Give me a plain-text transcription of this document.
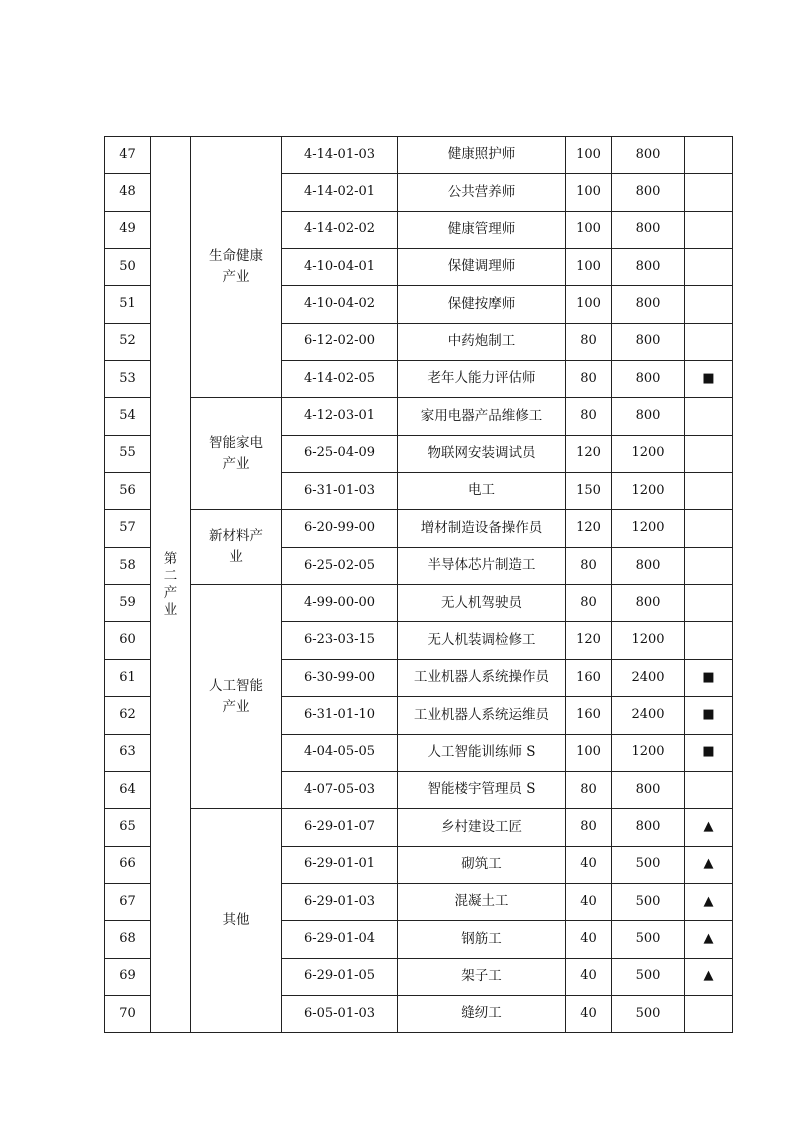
47	第二产业	生命健康产业	4-14-01-03	健康照护师	100	800	
48			4-14-02-01	公共营养师	100	800	
49			4-14-02-02	健康管理师	100	800	
50			4-10-04-01	保健调理师	100	800	
51			4-10-04-02	保健按摩师	100	800	
52			6-12-02-00	中药炮制工	80	800	
53			4-14-02-05	老年人能力评估师	80	800	■
54		智能家电产业	4-12-03-01	家用电器产品维修工	80	800	
55			6-25-04-09	物联网安装调试员	120	1200	
56			6-31-01-03	电工	150	1200	
57		新材料产业	6-20-99-00	增材制造设备操作员	120	1200	
58			6-25-02-05	半导体芯片制造工	80	800	
59		人工智能产业	4-99-00-00	无人机驾驶员	80	800	
60			6-23-03-15	无人机装调检修工	120	1200	
61			6-30-99-00	工业机器人系统操作员	160	2400	■
62			6-31-01-10	工业机器人系统运维员	160	2400	■
63			4-04-05-05	人工智能训练师 S	100	1200	■
64			4-07-05-03	智能楼宇管理员 S	80	800	
65		其他	6-29-01-07	乡村建设工匠	80	800	▲
66			6-29-01-01	砌筑工	40	500	▲
67			6-29-01-03	混凝土工	40	500	▲
68			6-29-01-04	钢筋工	40	500	▲
69			6-29-01-05	架子工	40	500	▲
70			6-05-01-03	缝纫工	40	500	
